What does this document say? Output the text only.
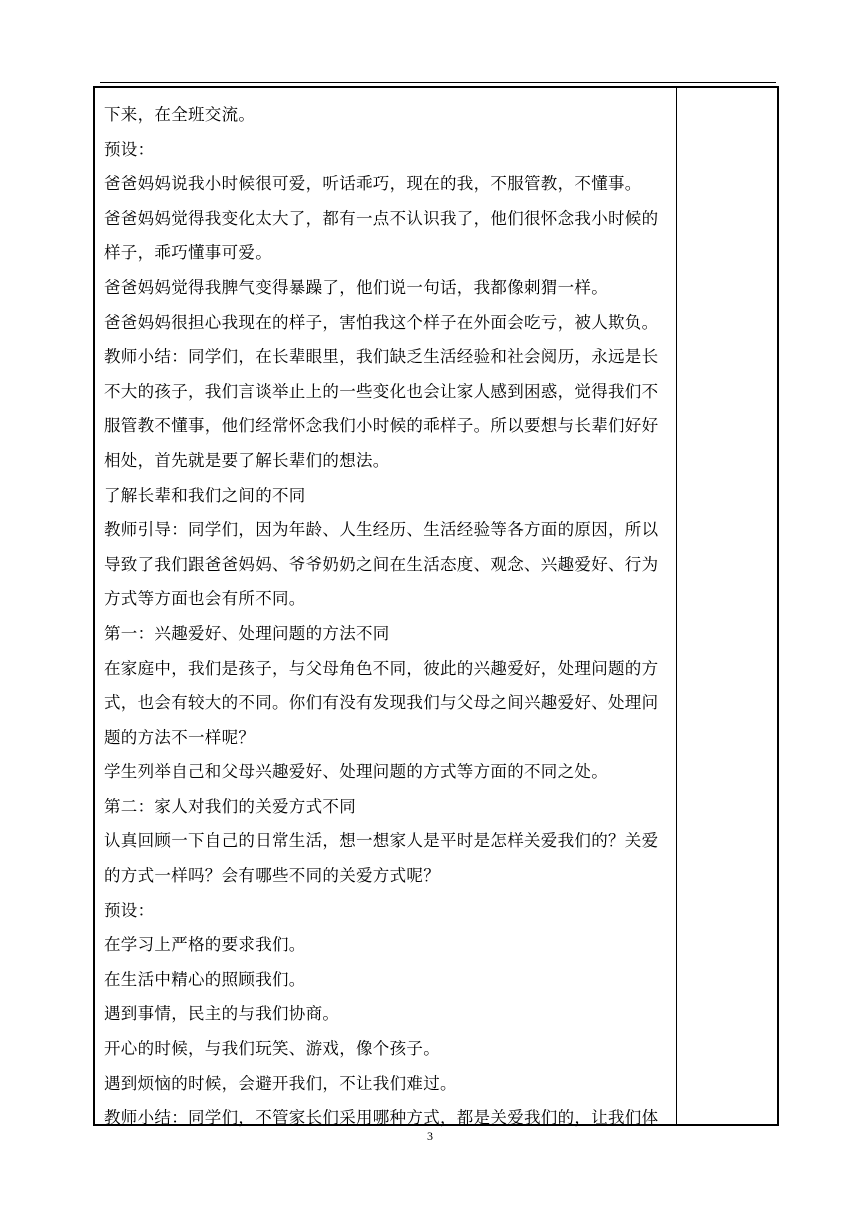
下来，在全班交流。

预设：

爸爸妈妈说我小时候很可爱，听话乖巧，现在的我，不服管教，不懂事。

爸爸妈妈觉得我变化太大了，都有一点不认识我了，他们很怀念我小时候的

样子，乖巧懂事可爱。

爸爸妈妈觉得我脾气变得暴躁了，他们说一句话，我都像刺猬一样。

爸爸妈妈很担心我现在的样子，害怕我这个样子在外面会吃亏，被人欺负。

教师小结：同学们，在长辈眼里，我们缺乏生活经验和社会阅历，永远是长

不大的孩子，我们言谈举止上的一些变化也会让家人感到困惑，觉得我们不

服管教不懂事，他们经常怀念我们小时候的乖样子。所以要想与长辈们好好

相处，首先就是要了解长辈们的想法。

了解长辈和我们之间的不同

教师引导：同学们，因为年龄、人生经历、生活经验等各方面的原因，所以

导致了我们跟爸爸妈妈、爷爷奶奶之间在生活态度、观念、兴趣爱好、行为

方式等方面也会有所不同。

第一：兴趣爱好、处理问题的方法不同

在家庭中，我们是孩子，与父母角色不同，彼此的兴趣爱好，处理问题的方

式，也会有较大的不同。你们有没有发现我们与父母之间兴趣爱好、处理问

题的方法不一样呢？

学生列举自己和父母兴趣爱好、处理问题的方式等方面的不同之处。

第二：家人对我们的关爱方式不同

认真回顾一下自己的日常生活，想一想家人是平时是怎样关爱我们的？关爱

的方式一样吗？会有哪些不同的关爱方式呢？

预设：

在学习上严格的要求我们。

在生活中精心的照顾我们。

遇到事情，民主的与我们协商。

开心的时候，与我们玩笑、游戏，像个孩子。

遇到烦恼的时候，会避开我们，不让我们难过。

教师小结：同学们，不管家长们采用哪种方式，都是关爱我们的，让我们体

3
